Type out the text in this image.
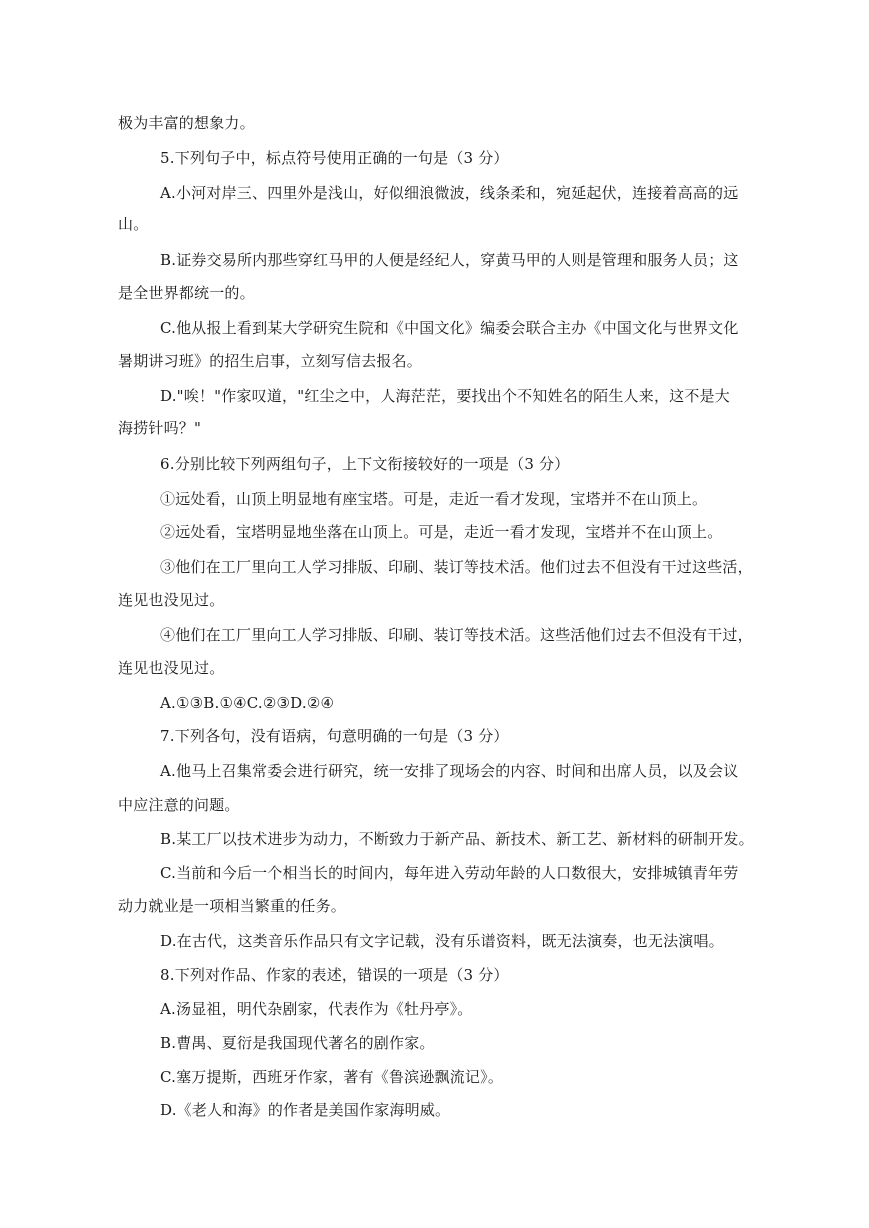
极为丰富的想象力。
5.下列句子中，标点符号使用正确的一句是（3 分）
A.小河对岸三、四里外是浅山，好似细浪微波，线条柔和，宛延起伏，连接着高高的远
山。
B.证券交易所内那些穿红马甲的人便是经纪人，穿黄马甲的人则是管理和服务人员；这
是全世界都统一的。
C.他从报上看到某大学研究生院和《中国文化》编委会联合主办《中国文化与世界文化
暑期讲习班》的招生启事，立刻写信去报名。
D."唉！"作家叹道，"红尘之中，人海茫茫，要找出个不知姓名的陌生人来，这不是大
海捞针吗？"
6.分别比较下列两组句子，上下文衔接较好的一项是（3 分）
①远处看，山顶上明显地有座宝塔。可是，走近一看才发现，宝塔并不在山顶上。
②远处看，宝塔明显地坐落在山顶上。可是，走近一看才发现，宝塔并不在山顶上。
③他们在工厂里向工人学习排版、印刷、装订等技术活。他们过去不但没有干过这些活，
连见也没见过。
④他们在工厂里向工人学习排版、印刷、装订等技术活。这些活他们过去不但没有干过，
连见也没见过。
A.①③B.①④C.②③D.②④
7.下列各句，没有语病，句意明确的一句是（3 分）
A.他马上召集常委会进行研究，统一安排了现场会的内容、时间和出席人员，以及会议
中应注意的问题。
B.某工厂以技术进步为动力，不断致力于新产品、新技术、新工艺、新材料的研制开发。
C.当前和今后一个相当长的时间内，每年进入劳动年龄的人口数很大，安排城镇青年劳
动力就业是一项相当繁重的任务。
D.在古代，这类音乐作品只有文字记载，没有乐谱资料，既无法演奏，也无法演唱。
8.下列对作品、作家的表述，错误的一项是（3 分）
A.汤显祖，明代杂剧家，代表作为《牡丹亭》。
B.曹禺、夏衍是我国现代著名的剧作家。
C.塞万提斯，西班牙作家，著有《鲁滨逊飘流记》。
D.《老人和海》的作者是美国作家海明威。
